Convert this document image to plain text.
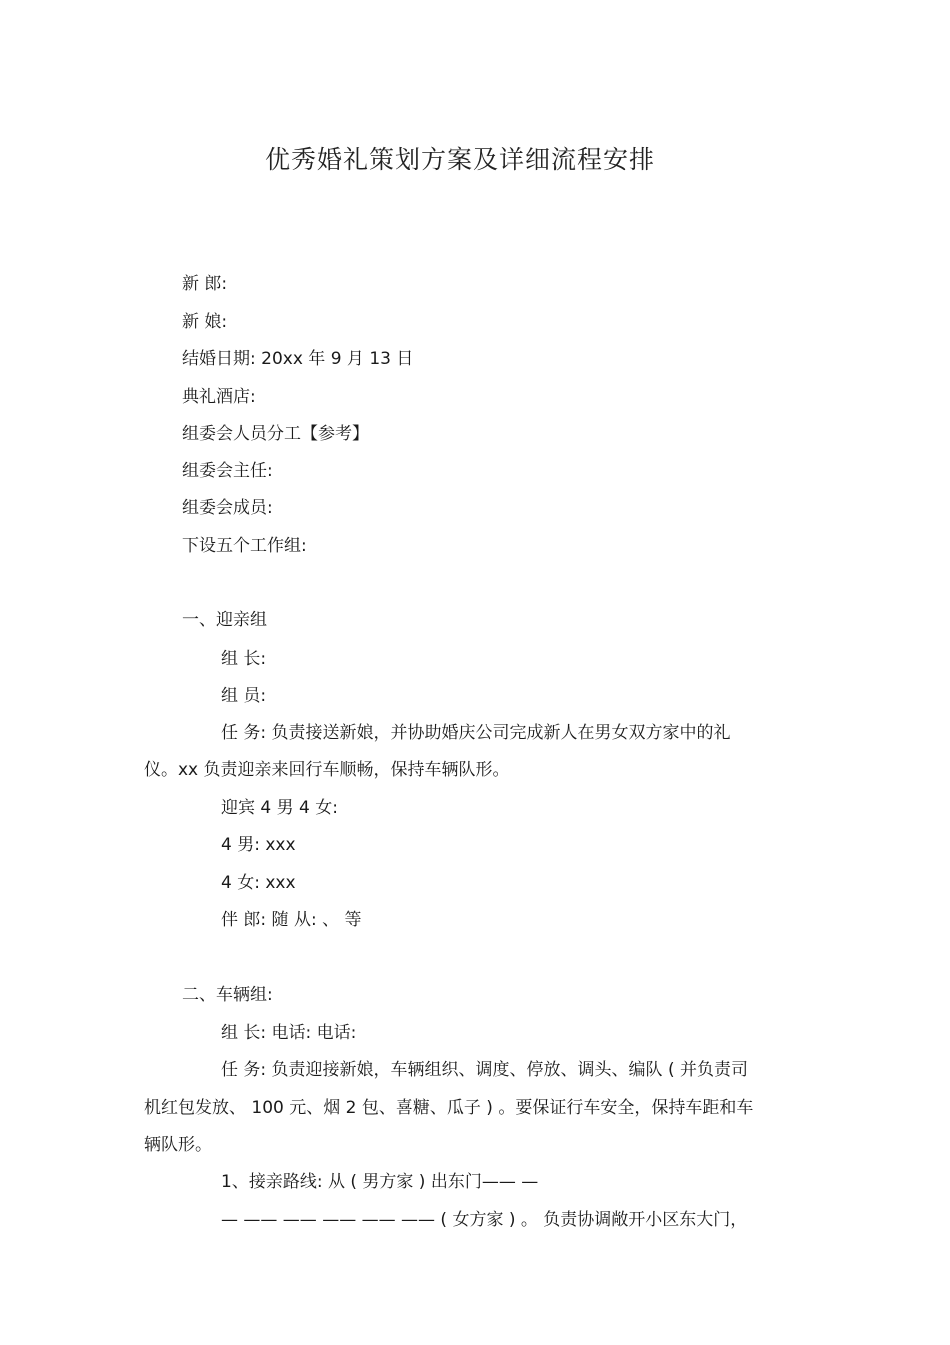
优秀婚礼策划方案及详细流程安排
新 郎:
新 娘:
结婚日期: 20xx 年 9 月 13 日
典礼酒店:
组委会人员分工【参考】
组委会主任:
组委会成员:
下设五个工作组:
一、迎亲组
组 长:
组 员:
任 务: 负责接送新娘，并协助婚庆公司完成新人在男女双方家中的礼
仪。xx 负责迎亲来回行车顺畅，保持车辆队形。
迎宾 4 男 4 女:
4 男: xxx
4 女: xxx
伴 郎: 随 从: 、 等
二、车辆组:
组 长: 电话: 电话:
任 务: 负责迎接新娘，车辆组织、调度、停放、调头、编队 ( 并负责司
机红包发放、 100 元、烟 2 包、喜糖、瓜子 ) 。要保证行车安全，保持车距和车
辆队形。
1、接亲路线: 从 ( 男方家 ) 出东门—— —
— —— —— —— —— —— ( 女方家 ) 。 负责协调敞开小区东大门，
